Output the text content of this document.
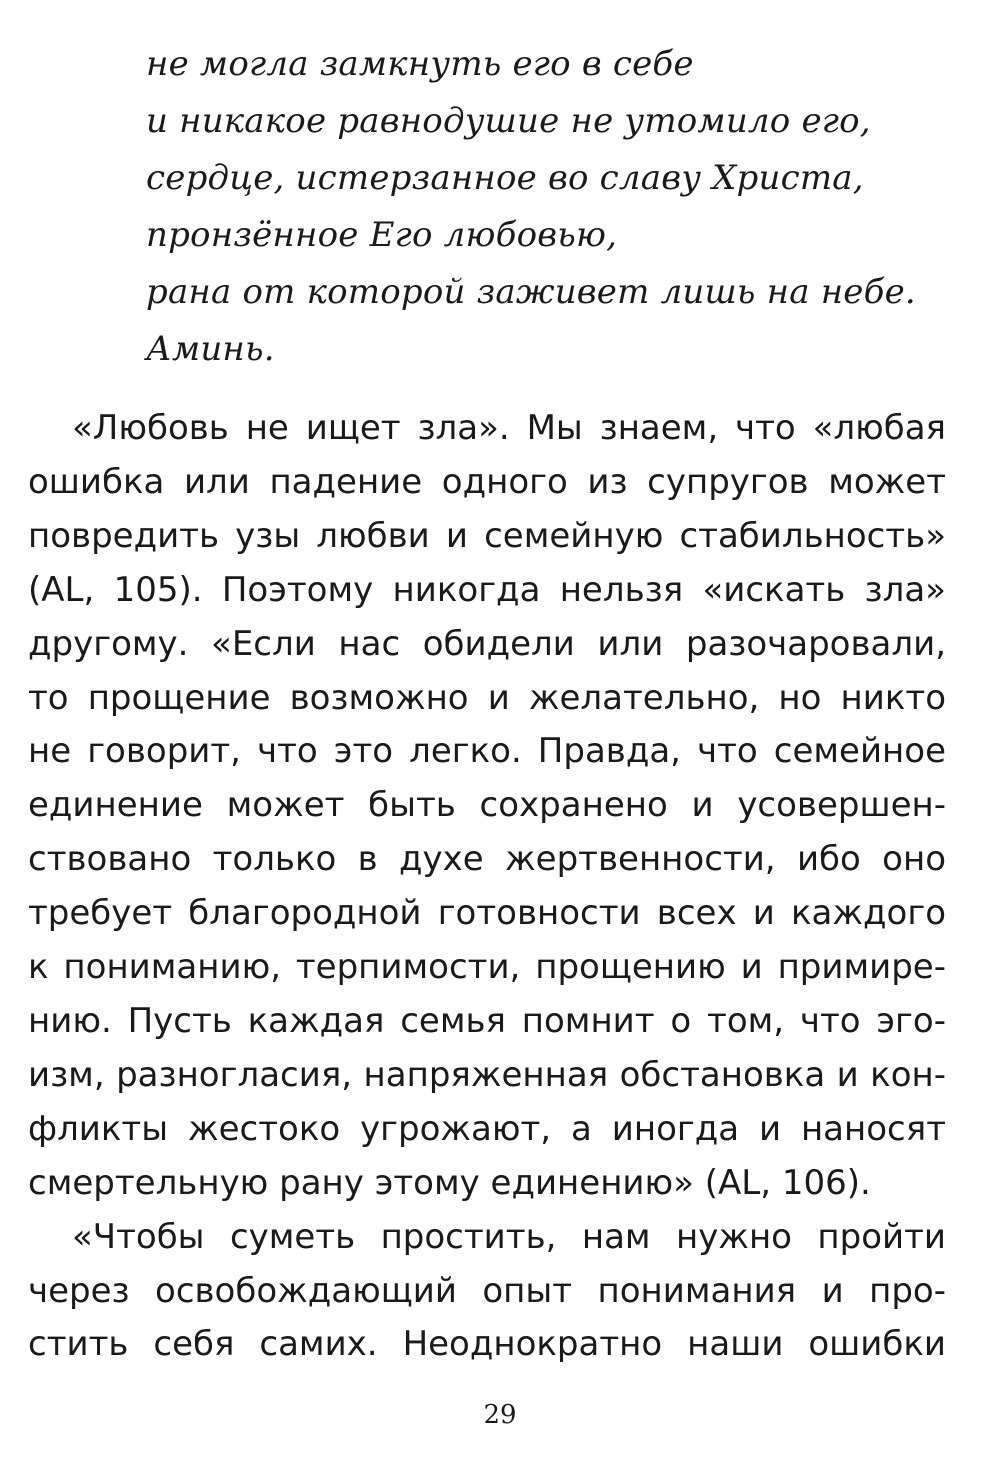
не могла замкнуть его в себе
и никакое равнодушие не утомило его,
сердце, истерзанное во славу Христа,
пронзённое Его любовью,
рана от которой заживет лишь на небе.
Аминь.
«Любовь не ищет зла». Мы знаем, что «любая
ошибка или падение одного из супругов может
повредить узы любви и семейную стабильность»
(AL, 105). Поэтому никогда нельзя «искать зла»
другому. «Если нас обидели или разочаровали,
то прощение возможно и желательно, но никто
не говорит, что это легко. Правда, что семейное
единение может быть сохранено и усовершен-
ствовано только в духе жертвенности, ибо оно
требует благородной готовности всех и каждого
к пониманию, терпимости, прощению и примире-
нию. Пусть каждая семья помнит о том, что эго-
изм, разногласия, напряженная обстановка и кон-
фликты жестоко угрожают, а иногда и наносят
смертельную рану этому единению» (AL, 106).
«Чтобы суметь простить, нам нужно пройти
через освобождающий опыт понимания и про-
стить себя самих. Неоднократно наши ошибки
29
